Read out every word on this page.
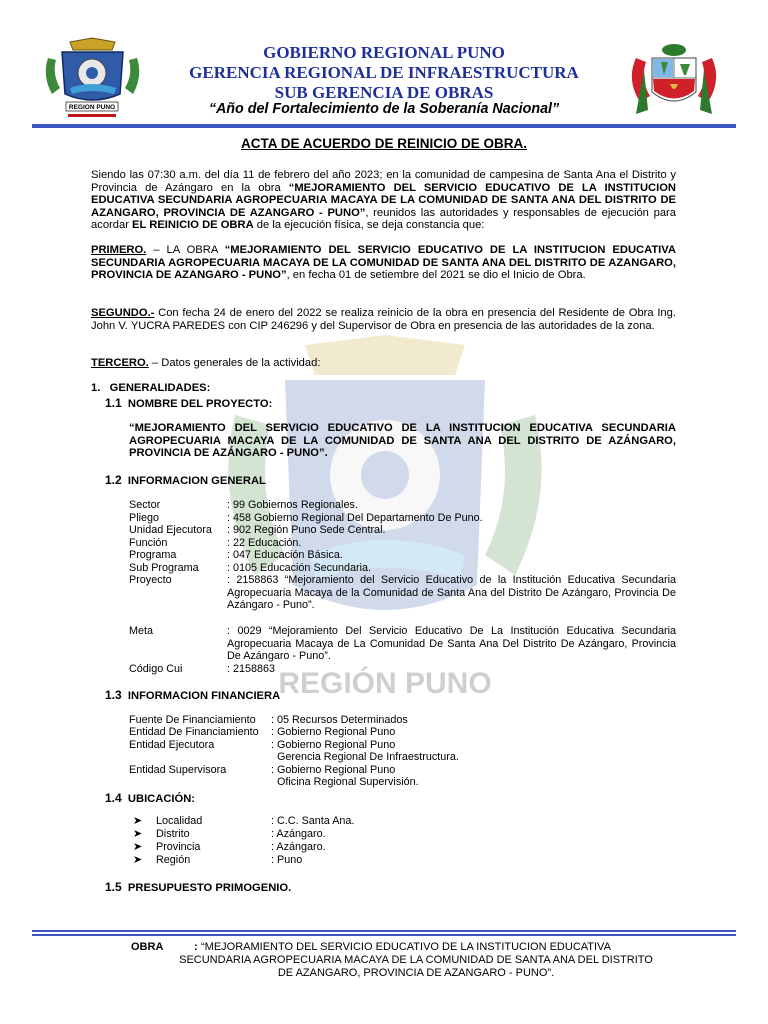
REGION PUNO
GOBIERNO REGIONAL PUNO
GERENCIA REGIONAL DE INFRAESTRUCTURA
SUB GERENCIA DE OBRAS
“Año del Fortalecimiento de la Soberanía Nacional”
REGIÓN PUNO
ACTA DE ACUERDO DE REINICIO DE OBRA.
Siendo las 07:30 a.m. del día 11 de febrero del año 2023; en la comunidad de campesina de Santa Ana el Distrito y Provincia de Azángaro en la obra “MEJORAMIENTO DEL SERVICIO EDUCATIVO DE LA INSTITUCION EDUCATIVA SECUNDARIA AGROPECUARIA MACAYA DE LA COMUNIDAD DE SANTA ANA DEL DISTRITO DE AZANGARO, PROVINCIA DE AZANGARO - PUNO”, reunidos las autoridades y responsables de ejecución para acordar EL REINICIO DE OBRA de la ejecución física, se deja constancia que:
PRIMERO. – LA OBRA “MEJORAMIENTO DEL SERVICIO EDUCATIVO DE LA INSTITUCION EDUCATIVA SECUNDARIA AGROPECUARIA MACAYA DE LA COMUNIDAD DE SANTA ANA DEL DISTRITO DE AZANGARO, PROVINCIA DE AZANGARO - PUNO”, en fecha 01 de setiembre del 2021 se dio el Inicio de Obra.
SEGUNDO.- Con fecha 24 de enero del 2022 se realiza reinicio de la obra en presencia del Residente de Obra Ing. John V. YUCRA PAREDES con CIP 246296 y del Supervisor de Obra en presencia de las autoridades de la zona.
TERCERO. – Datos generales de la actividad:
1.   GENERALIDADES:
1.1 NOMBRE DEL PROYECTO:
“MEJORAMIENTO DEL SERVICIO EDUCATIVO DE LA INSTITUCION EDUCATIVA SECUNDARIA AGROPECUARIA MACAYA DE LA COMUNIDAD DE SANTA ANA DEL DISTRITO DE AZÁNGARO, PROVINCIA DE AZÁNGARO - PUNO”.
1.2 INFORMACION GENERAL
Sector	: 99 Gobiernos Regionales.
Pliego	: 458 Gobierno Regional Del Departamento De Puno.
Unidad Ejecutora : 902 Región Puno Sede Central.
Función	: 22 Educación.
Programa	: 047 Educación Básica.
Sub Programa	: 0105 Educación Secundaria.
Proyecto	: 2158863 “Mejoramiento del Servicio Educativo de la Institución Educativa Secundaria Agropecuaria Macaya de la Comunidad de Santa Ana del Distrito De Azángaro, Provincia De Azángaro - Puno”.
Meta	: 0029 “Mejoramiento Del Servicio Educativo De La Institución Educativa Secundaria Agropecuaria Macaya de La Comunidad De Santa Ana Del Distrito De Azángaro, Provincia De Azángaro - Puno”.
Código Cui	: 2158863
1.3 INFORMACION FINANCIERA
Fuente De Financiamiento : 05 Recursos Determinados
Entidad De Financiamiento : Gobierno Regional Puno
Entidad Ejecutora	: Gobierno Regional Puno
Gerencia Regional De Infraestructura.
Entidad Supervisora	: Gobierno Regional Puno
Oficina Regional Supervisión.
1.4 UBICACIÓN:
➤ Localidad	: C.C. Santa Ana.
➤ Distrito	: Azángaro.
➤ Provincia	: Azángaro.
➤ Región	: Puno
1.5 PRESUPUESTO PRIMOGENIO.
OBRA	: “MEJORAMIENTO DEL SERVICIO EDUCATIVO DE LA INSTITUCION EDUCATIVA
SECUNDARIA AGROPECUARIA MACAYA DE LA COMUNIDAD DE SANTA ANA DEL DISTRITO
DE AZANGARO, PROVINCIA DE AZANGARO - PUNO”.
